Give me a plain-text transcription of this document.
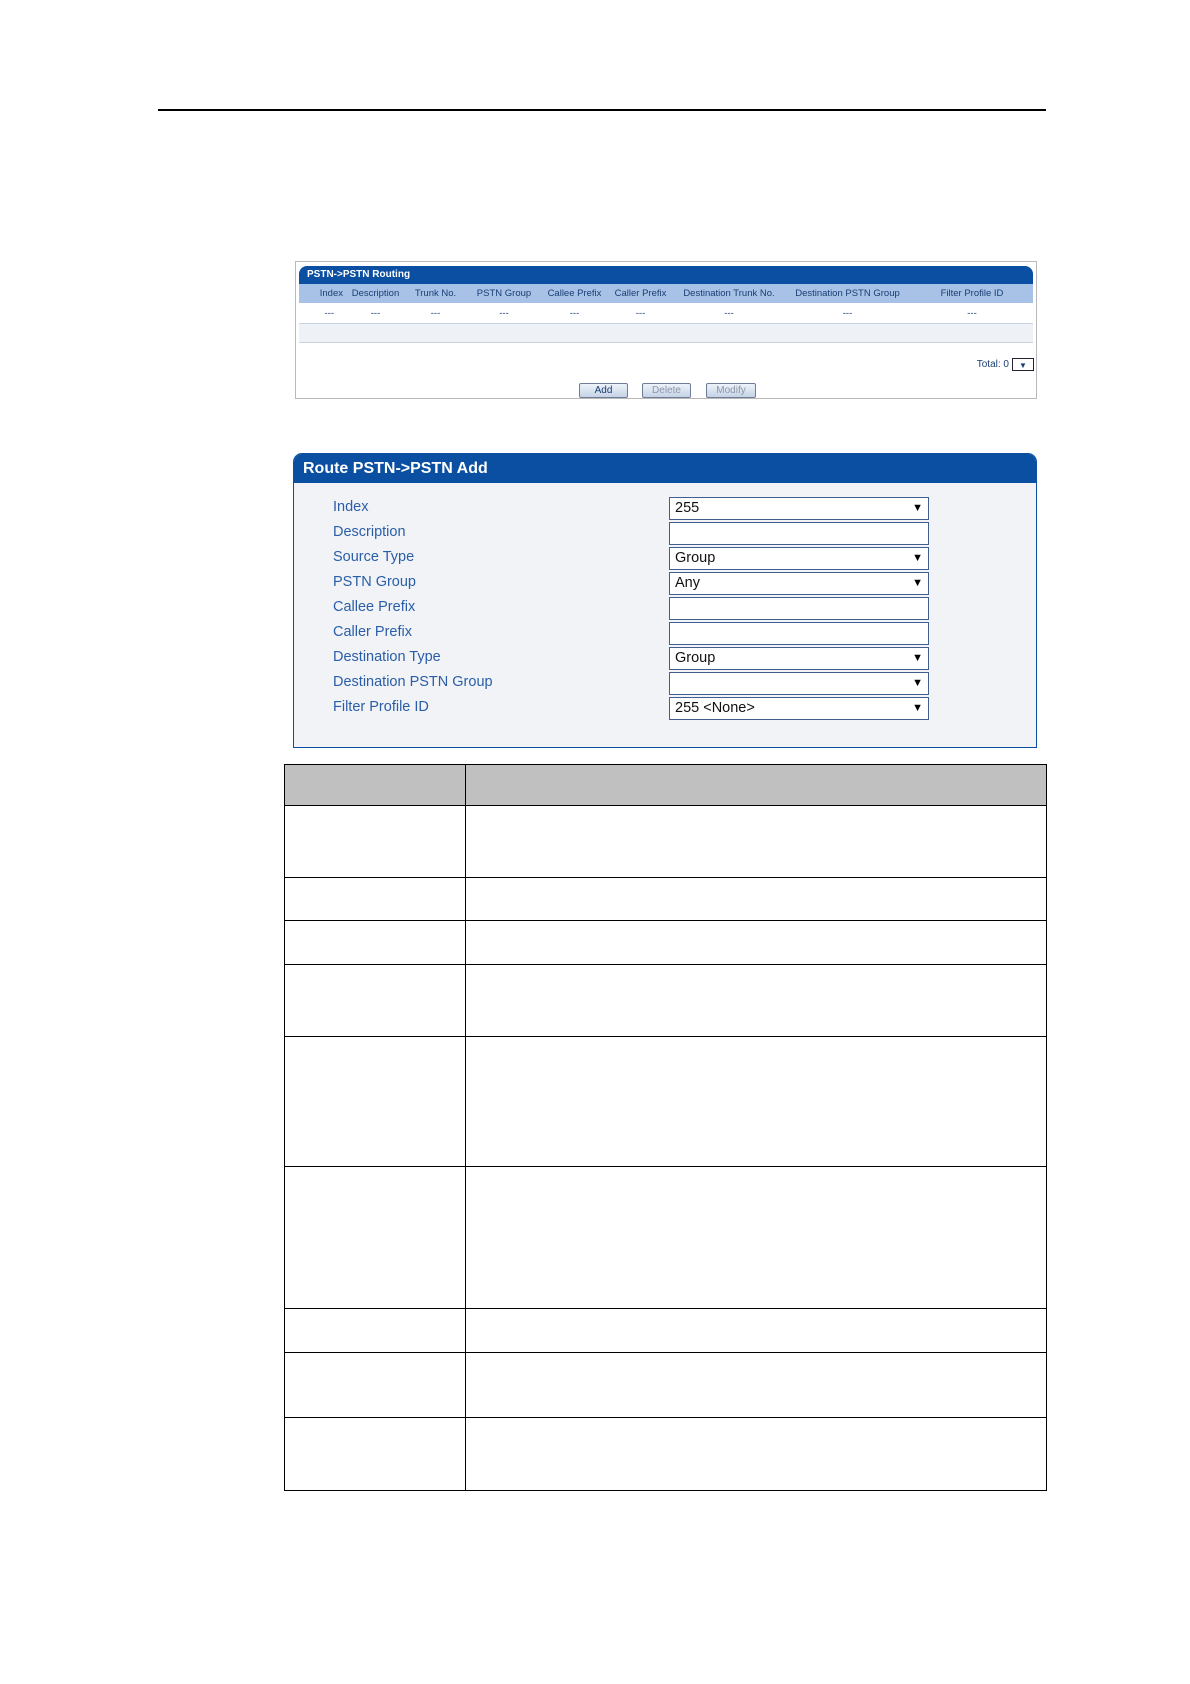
PSTN->PSTN Routing
Index	Description	Trunk No.	PSTN Group	Callee Prefix	Caller Prefix	Destination Trunk No.	Destination PSTN Group	Filter Profile ID
---	---	---	---	---	---	---	---	---

Total: 0	▼
Add	Delete	Modify
Route PSTN->PSTN Add
Index	255	▼
Description
Source Type	Group	▼
PSTN Group	Any	▼
Callee Prefix
Caller Prefix
Destination Type	Group	▼
Destination PSTN Group	▼
Filter Profile ID	255 <None>	▼
